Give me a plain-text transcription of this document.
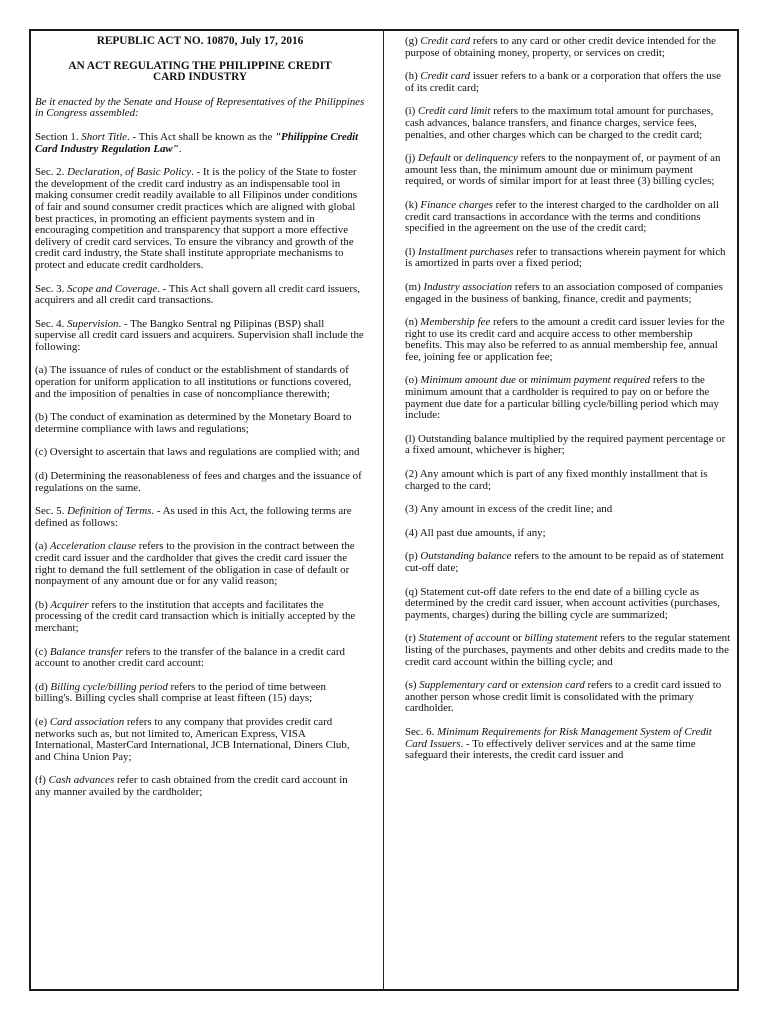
REPUBLIC ACT NO. 10870, July 17, 2016
AN ACT REGULATING THE PHILIPPINE CREDIT CARD INDUSTRY

Be it enacted by the Senate and House of Representatives of the Philippines in Congress assembled:

Section 1. Short Title. - This Act shall be known as the "Philippine Credit Card Industry Regulation Law".

Sec. 2. Declaration, of Basic Policy. - It is the policy of the State to foster the development of the credit card industry as an indispensable tool in making consumer credit readily available to all Filipinos under conditions of fair and sound consumer credit practices which are aligned with global best practices, in promoting an efficient payments system and in encouraging competition and transparency that support a more effective delivery of credit card services. To ensure the vibrancy and growth of the credit card industry, the State shall institute appropriate mechanisms to protect and educate credit cardholders.

Sec. 3. Scope and Coverage. - This Act shall govern all credit card issuers, acquirers and all credit card transactions.

Sec. 4. Supervision. - The Bangko Sentral ng Pilipinas (BSP) shall supervise all credit card issuers and acquirers. Supervision shall include the following:

(a) The issuance of rules of conduct or the establishment of standards of operation for uniform application to all institutions or functions covered, and the imposition of penalties in case of noncompliance therewith;

(b) The conduct of examination as determined by the Monetary Board to determine compliance with laws and regulations;

(c) Oversight to ascertain that laws and regulations are complied with; and

(d) Determining the reasonableness of fees and charges and the issuance of regulations on the same.

Sec. 5. Definition of Terms. - As used in this Act, the following terms are defined as follows:

(a) Acceleration clause refers to the provision in the contract between the credit card issuer and the cardholder that gives the credit card issuer the right to demand the full settlement of the obligation in case of default or nonpayment of any amount due or for any valid reason;

(b) Acquirer refers to the institution that accepts and facilitates the processing of the credit card transaction which is initially accepted by the merchant;

(c) Balance transfer refers to the transfer of the balance in a credit card account to another credit card account:

(d) Billing cycle/billing period refers to the period of time between billing's. Billing cycles shall comprise at least fifteen (15) days;

(e) Card association refers to any company that provides credit card networks such as, but not limited to, American Express, VISA International, MasterCard International, JCB International, Diners Club, and China Union Pay;

(f) Cash advances refer to cash obtained from the credit card account in any manner availed by the cardholder;

(g) Credit card refers to any card or other credit device intended for the purpose of obtaining money, property, or services on credit;

(h) Credit card issuer refers to a bank or a corporation that offers the use of its credit card;

(i) Credit card limit refers to the maximum total amount for purchases, cash advances, balance transfers, and finance charges, service fees, penalties, and other charges which can be charged to the credit card;

(j) Default or delinquency refers to the nonpayment of, or payment of an amount less than, the minimum amount due or minimum payment required, or words of similar import for at least three (3) billing cycles;

(k) Finance charges refer to the interest charged to the cardholder on all credit card transactions in accordance with the terms and conditions specified in the agreement on the use of the credit card;

(l) Installment purchases refer to transactions wherein payment for which is amortized in parts over a fixed period;

(m) Industry association refers to an association composed of companies engaged in the business of banking, finance, credit and payments;

(n) Membership fee refers to the amount a credit card issuer levies for the right to use its credit card and acquire access to other membership benefits. This may also be referred to as annual membership fee, annual fee, joining fee or application fee;

(o) Minimum amount due or minimum payment required refers to the minimum amount that a cardholder is required to pay on or before the payment due date for a particular billing cycle/billing period which may include:

(l) Outstanding balance multiplied by the required payment percentage or a fixed amount, whichever is higher;

(2) Any amount which is part of any fixed monthly installment that is charged to the card;

(3) Any amount in excess of the credit line; and

(4) All past due amounts, if any;

(p) Outstanding balance refers to the amount to be repaid as of statement cut-off date;

(q) Statement cut-off date refers to the end date of a billing cycle as determined by the credit card issuer, when account activities (purchases, payments, charges) during the billing cycle are summarized;

(r) Statement of account or billing statement refers to the regular statement listing of the purchases, payments and other debits and credits made to the credit card account within the billing cycle; and

(s) Supplementary card or extension card refers to a credit card issued to another person whose credit limit is consolidated with the primary cardholder.

Sec. 6. Minimum Requirements for Risk Management System of Credit Card Issuers. - To effectively deliver services and at the same time safeguard their interests, the credit card issuer and
